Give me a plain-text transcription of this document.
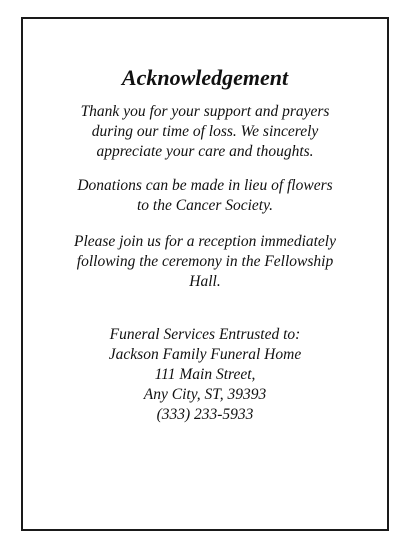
Acknowledgement

Thank you for your support and prayers
during our time of loss. We sincerely
appreciate your care and thoughts.

Donations can be made in lieu of flowers
to the Cancer Society.

Please join us for a reception immediately
following the ceremony in the Fellowship
Hall.

Funeral Services Entrusted to:
Jackson Family Funeral Home
111 Main Street,
Any City, ST, 39393
(333) 233-5933
